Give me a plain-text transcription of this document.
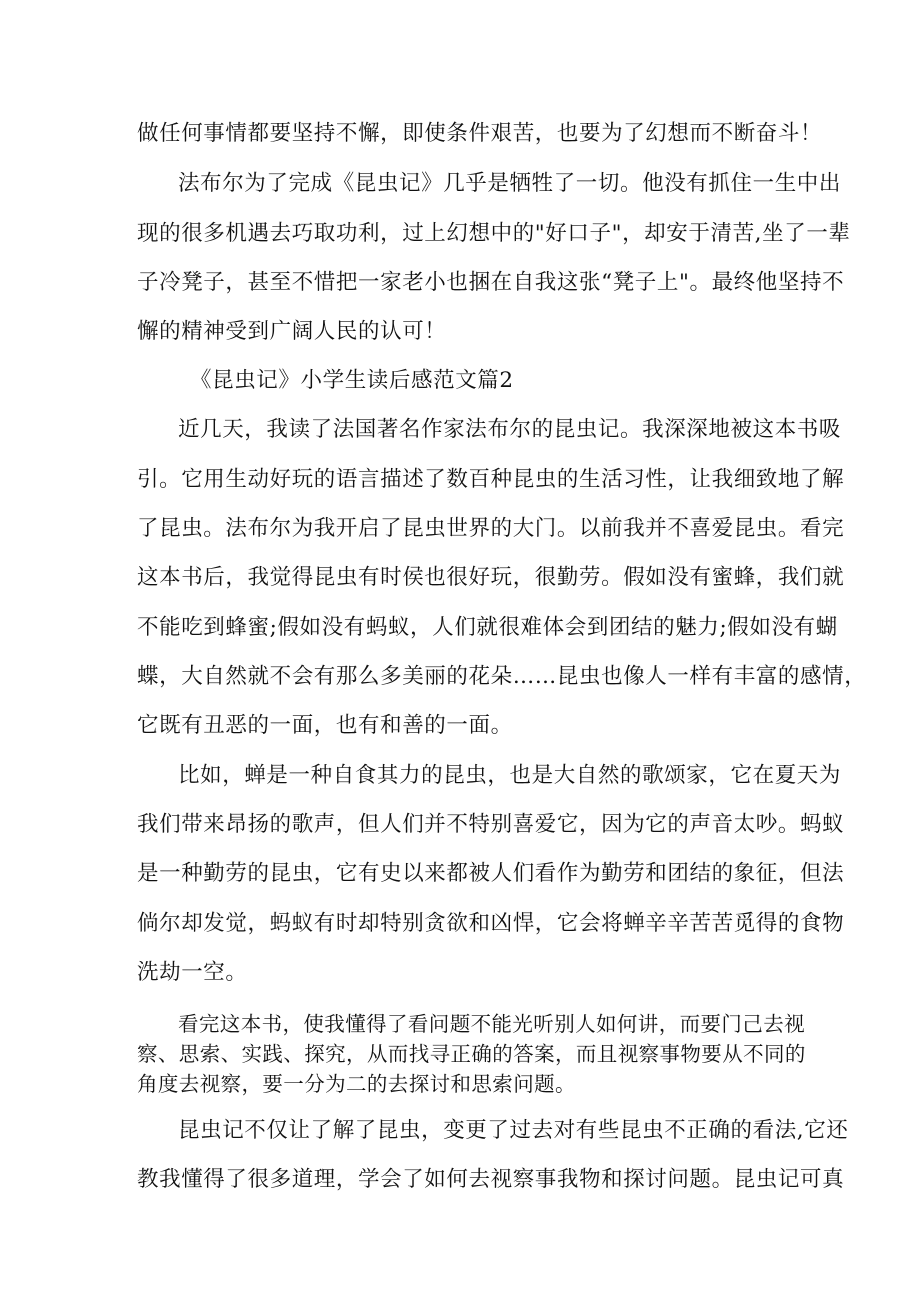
做任何事情都要坚持不懈，即使条件艰苦，也要为了幻想而不断奋斗！
法布尔为了完成《昆虫记》几乎是牺牲了一切。他没有抓住一生中出
现的很多机遇去巧取功利，过上幻想中的"好口子"，却安于清苦,坐了一辈
子冷凳子，甚至不惜把一家老小也捆在自我这张“凳子上"。最终他坚持不
懈的精神受到广阔人民的认可！
《昆虫记》小学生读后感范文篇2
近几天，我读了法国著名作家法布尔的昆虫记。我深深地被这本书吸
引。它用生动好玩的语言描述了数百种昆虫的生活习性，让我细致地了解
了昆虫。法布尔为我开启了昆虫世界的大门。以前我并不喜爱昆虫。看完
这本书后，我觉得昆虫有时侯也很好玩，很勤劳。假如没有蜜蜂，我们就
不能吃到蜂蜜;假如没有蚂蚁，人们就很难体会到团结的魅力;假如没有蝴
蝶，大自然就不会有那么多美丽的花朵……昆虫也像人一样有丰富的感情，
它既有丑恶的一面，也有和善的一面。
比如，蝉是一种自食其力的昆虫，也是大自然的歌颂家，它在夏天为
我们带来昂扬的歌声，但人们并不特别喜爱它，因为它的声音太吵。蚂蚁
是一种勤劳的昆虫，它有史以来都被人们看作为勤劳和团结的象征，但法
倘尔却发觉，蚂蚁有时却特别贪欲和凶悍，它会将蝉辛辛苦苦觅得的食物
洗劫一空。
看完这本书，使我懂得了看问题不能光听别人如何讲，而要门己去视
察、思索、实践、探究，从而找寻正确的答案，而且视察事物要从不同的
角度去视察，要一分为二的去探讨和思索问题。
昆虫记不仅让了解了昆虫，变更了过去对有些昆虫不正确的看法,它还
教我懂得了很多道理，学会了如何去视察事我物和探讨问题。昆虫记可真
